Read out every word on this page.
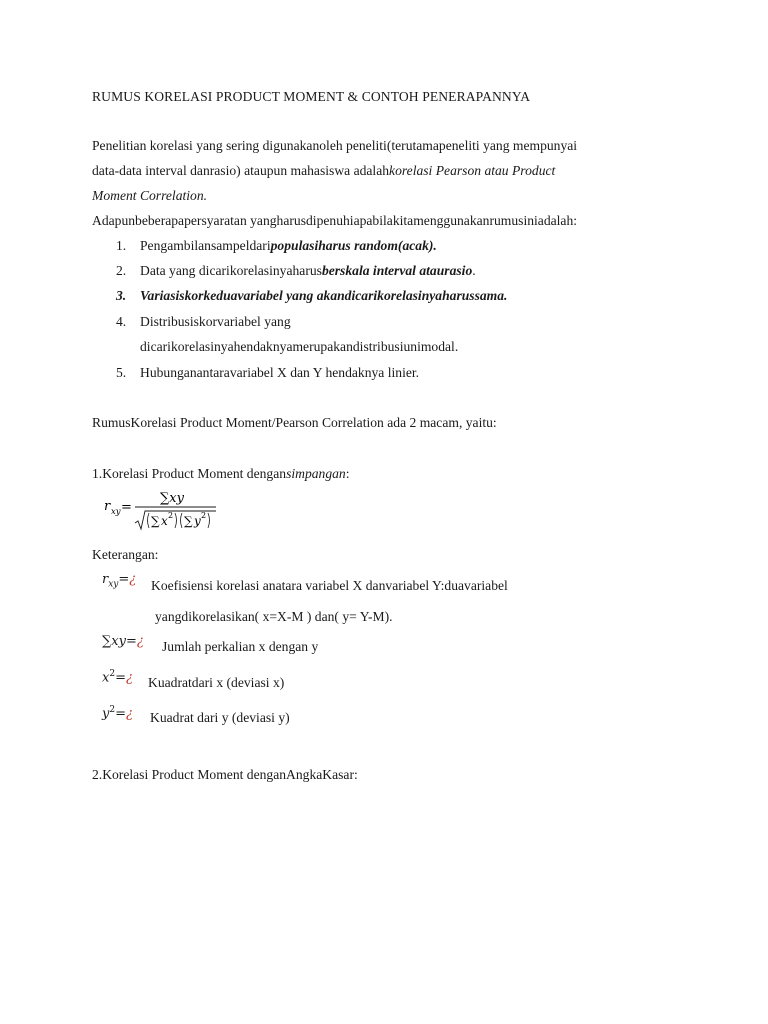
RUMUS KORELASI PRODUCT MOMENT & CONTOH PENERAPANNYA
Penelitian korelasi yang sering digunakanoleh peneliti(terutamapeneliti yang mempunyai
data-data interval danrasio) ataupun mahasiswa adalahkorelasi Pearson atau Product
Moment Correlation.
Adapunbeberapapersyaratan yangharusdipenuhiapabilakitamenggunakanrumusiniadalah:
1. Pengambilansampeldaripopulasiharus random(acak).
2. Data yang dicarikorelasinyaharusberskala interval ataurasio.
3. Variasiskorkeduavariabel yang akandicarikorelasinyaharussama.
4. Distribusiskorvariabel yang
dicarikorelasinyahendaknyamerupakandistribusiunimodal.
5. Hubunganantaravariabel X dan Y hendaknya linier.
RumusKorelasi Product Moment/Pearson Correlation ada 2 macam, yaitu:
1.Korelasi Product Moment dengansimpangan:
r xy =
∑xy
∑ x 2 ∑ y 2
Keterangan:
$r_{xy}=¿$ Koefisiensi korelasi anatara variabel X danvariabel Y:duavariabel
yangdikorelasikan( x=X-M ) dan( y= Y-M).
∑xy=¿ Jumlah perkalian x dengan y
$x^2=¿$ Kuadratdari x (deviasi x)
$y^2=¿$ Kuadrat dari y (deviasi y)
2.Korelasi Product Moment denganAngkaKasar:
